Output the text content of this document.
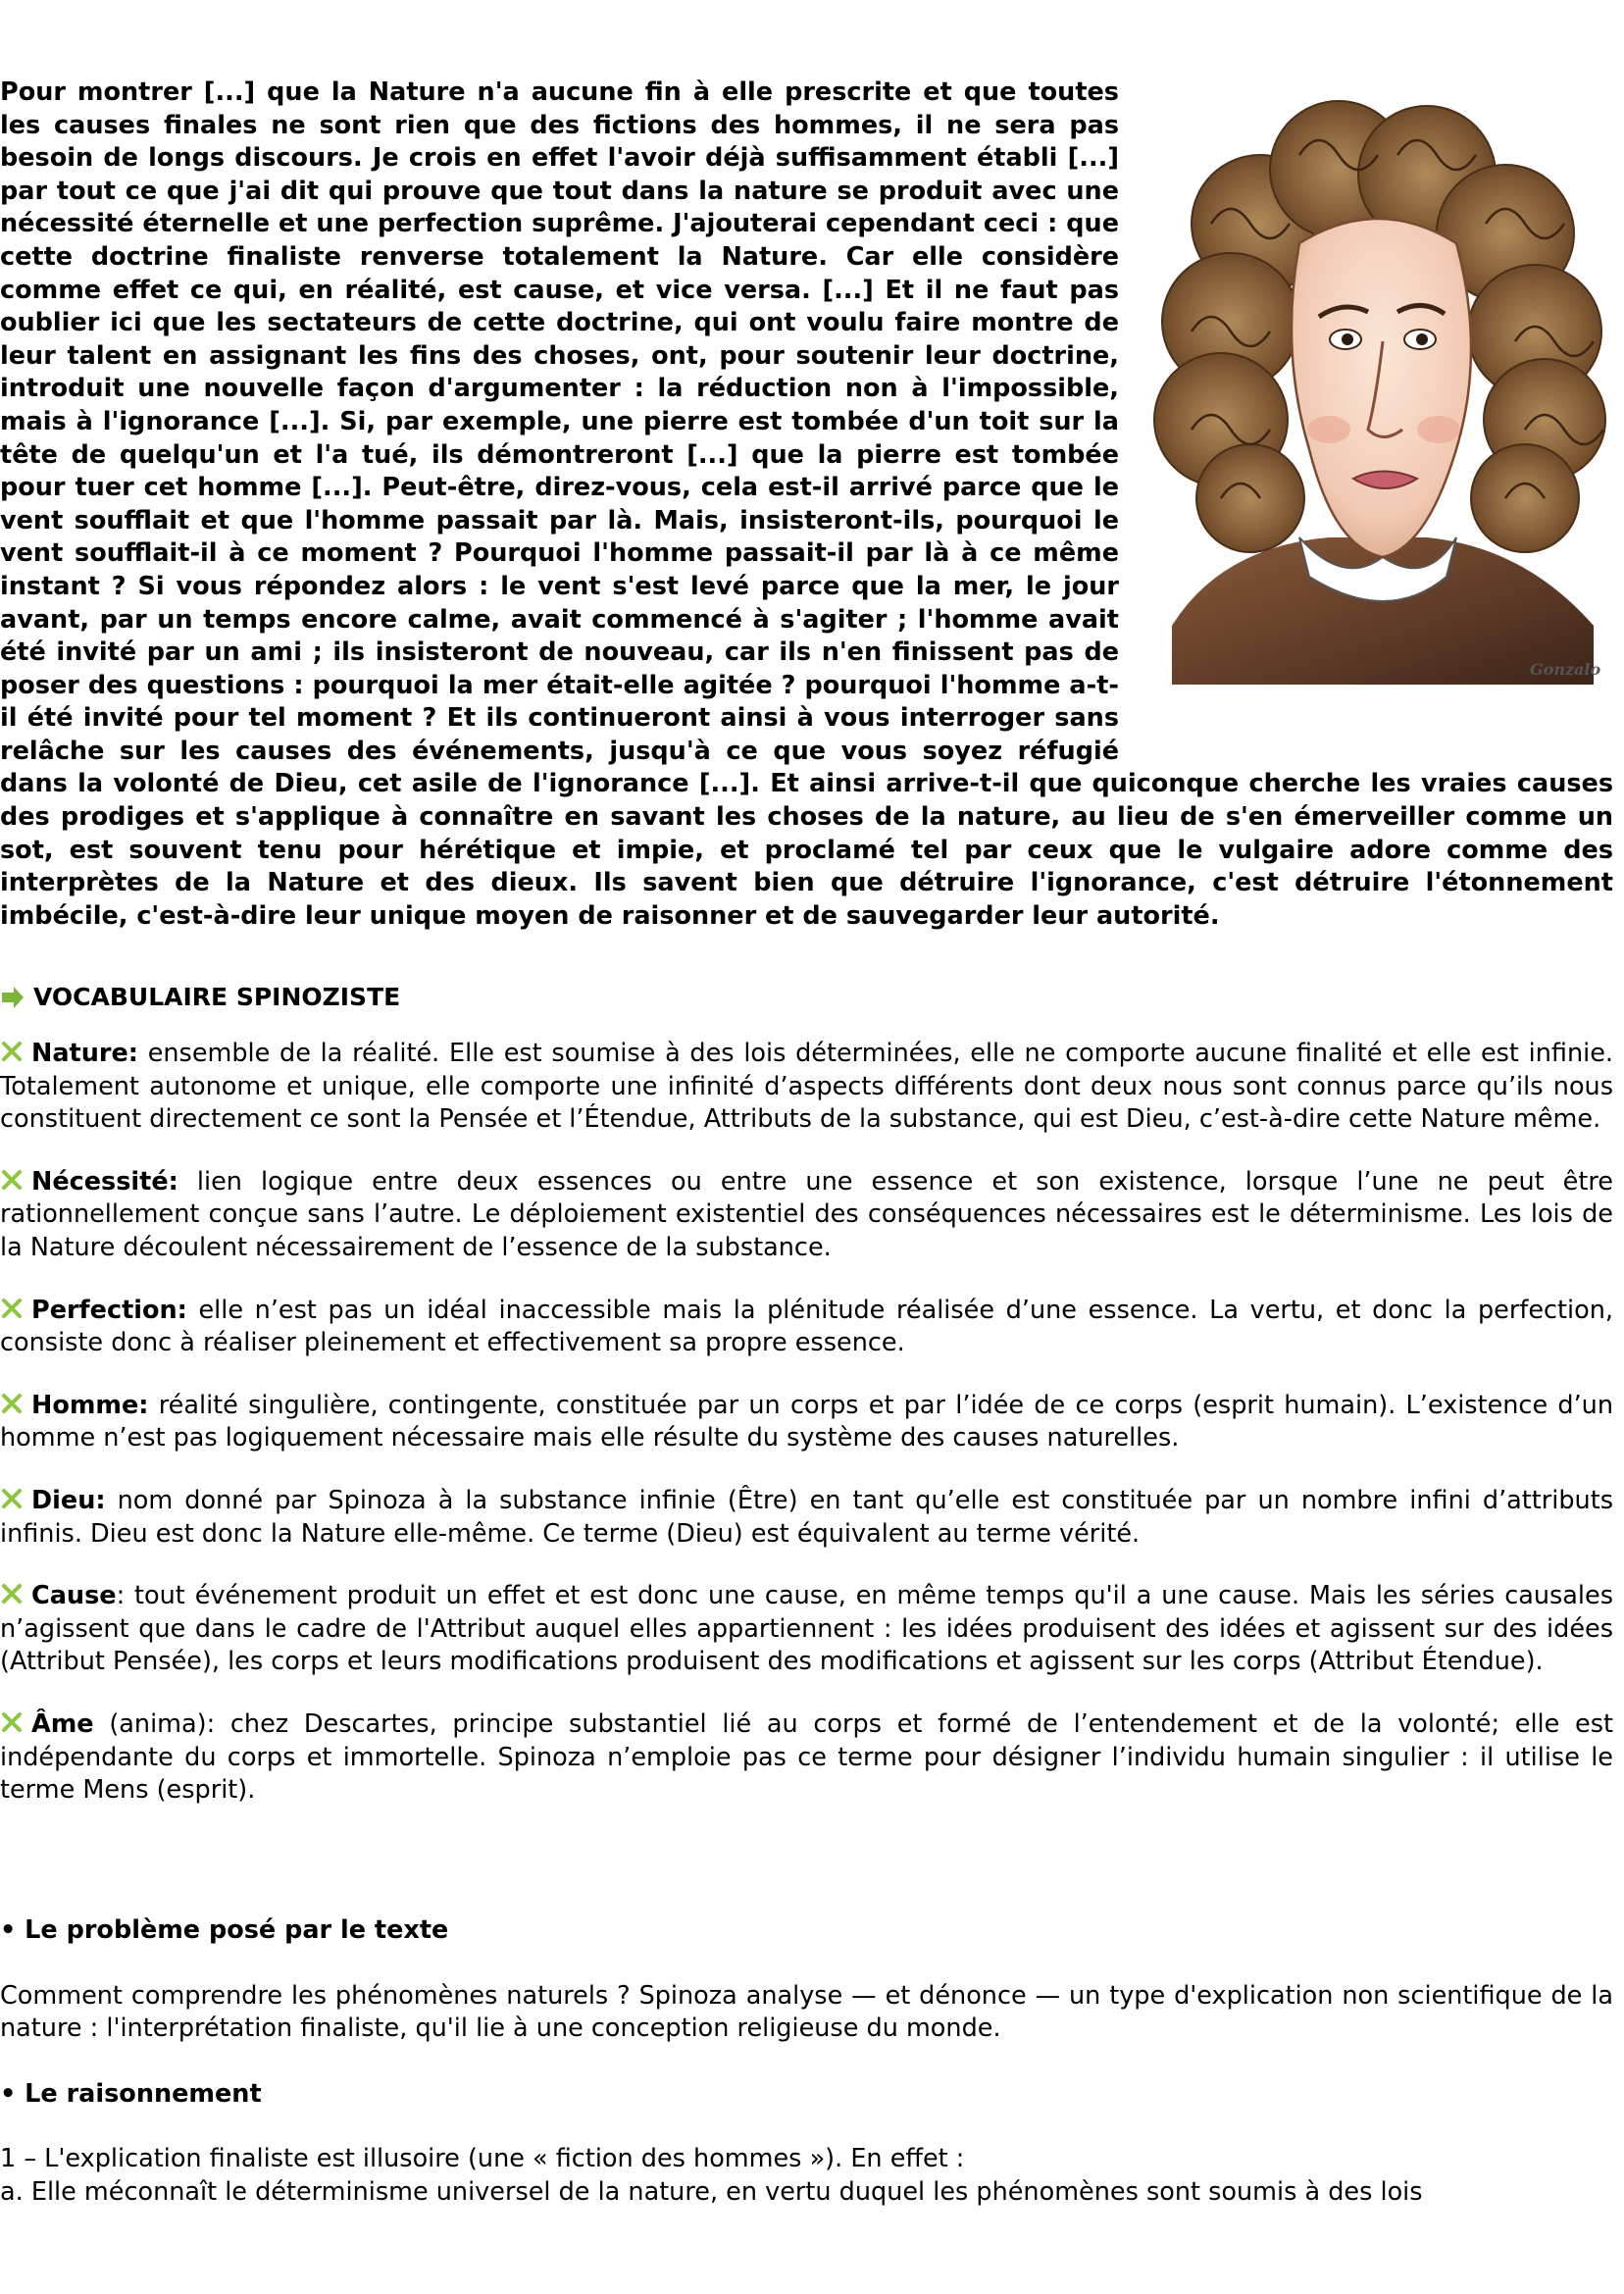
Gonzalo
Pour montrer [...] que la Nature n'a aucune fin à elle prescrite et que toutes les causes finales ne sont rien que des fictions des hommes, il ne sera pas besoin de longs discours. Je crois en effet l'avoir déjà suffisamment établi [...] par tout ce que j'ai dit qui prouve que tout dans la nature se produit avec une nécessité éternelle et une perfection suprême. J'ajouterai cependant ceci : que cette doctrine finaliste renverse totalement la Nature. Car elle considère comme effet ce qui, en réalité, est cause, et vice versa. [...] Et il ne faut pas oublier ici que les sectateurs de cette doctrine, qui ont voulu faire montre de leur talent en assignant les fins des choses, ont, pour soutenir leur doctrine, introduit une nouvelle façon d'argumenter : la réduction non à l'impossible, mais à l'ignorance [...]. Si, par exemple, une pierre est tombée d'un toit sur la tête de quelqu'un et l'a tué, ils démontreront [...] que la pierre est tombée pour tuer cet homme [...]. Peut-être, direz-vous, cela est-il arrivé parce que le vent soufflait et que l'homme passait par là. Mais, insisteront-ils, pourquoi le vent soufflait-il à ce moment ? Pourquoi l'homme passait-il par là à ce même instant ? Si vous répondez alors : le vent s'est levé parce que la mer, le jour avant, par un temps encore calme, avait commencé à s'agiter ; l'homme avait été invité par un ami ; ils insisteront de nouveau, car ils n'en finissent pas de poser des questions : pourquoi la mer était-elle agitée ? pourquoi l'homme a-t-il été invité pour tel moment ? Et ils continueront ainsi à vous interroger sans relâche sur les causes des événements, jusqu'à ce que vous soyez réfugié dans la volonté de Dieu, cet asile de l'ignorance [...]. Et ainsi arrive-t-il que quiconque cherche les vraies causes des prodiges et s'applique à connaître en savant les choses de la nature, au lieu de s'en émerveiller comme un sot, est souvent tenu pour hérétique et impie, et proclamé tel par ceux que le vulgaire adore comme des interprètes de la Nature et des dieux. Ils savent bien que détruire l'ignorance, c'est détruire l'étonnement imbécile, c'est-à-dire leur unique moyen de raisonner et de sauvegarder leur autorité.
VOCABULAIRE SPINOZISTE

Nature: ensemble de la réalité. Elle est soumise à des lois déterminées, elle ne comporte aucune finalité et elle est infinie. Totalement autonome et unique, elle comporte une infinité d’aspects différents dont deux nous sont connus parce qu’ils nous constituent directement ce sont la Pensée et l’Étendue, Attributs de la substance, qui est Dieu, c’est-à-dire cette Nature même.

Nécessité: lien logique entre deux essences ou entre une essence et son existence, lorsque l’une ne peut être rationnellement conçue sans l’autre. Le déploiement existentiel des conséquences nécessaires est le déterminisme. Les lois de la Nature découlent nécessairement de l’essence de la substance.

Perfection: elle n’est pas un idéal inaccessible mais la plénitude réalisée d’une essence. La vertu, et donc la perfection, consiste donc à réaliser pleinement et effectivement sa propre essence.

Homme: réalité singulière, contingente, constituée par un corps et par l’idée de ce corps (esprit humain). L’existence d’un homme n’est pas logiquement nécessaire mais elle résulte du système des causes naturelles.

Dieu: nom donné par Spinoza à la substance infinie (Être) en tant qu’elle est constituée par un nombre infini d’attributs infinis. Dieu est donc la Nature elle-même. Ce terme (Dieu) est équivalent au terme vérité.

Cause: tout événement produit un effet et est donc une cause, en même temps qu'il a une cause. Mais les séries causales n’agissent que dans le cadre de l'Attribut auquel elles appartiennent : les idées produisent des idées et agissent sur des idées (Attribut Pensée), les corps et leurs modifications produisent des modifications et agissent sur les corps (Attribut Étendue).

Âme (anima): chez Descartes, principe substantiel lié au corps et formé de l’entendement et de la volonté; elle est indépendante du corps et immortelle. Spinoza n’emploie pas ce terme pour désigner l’individu humain singulier : il utilise le terme Mens (esprit).

• Le problème posé par le texte

Comment comprendre les phénomènes naturels ? Spinoza analyse — et dénonce — un type d'explication non scientifique de la nature : l'interprétation finaliste, qu'il lie à une conception religieuse du monde.

• Le raisonnement

1 – L'explication finaliste est illusoire (une « fiction des hommes »). En effet :

a. Elle méconnaît le déterminisme universel de la nature, en vertu duquel les phénomènes sont soumis à des lois
